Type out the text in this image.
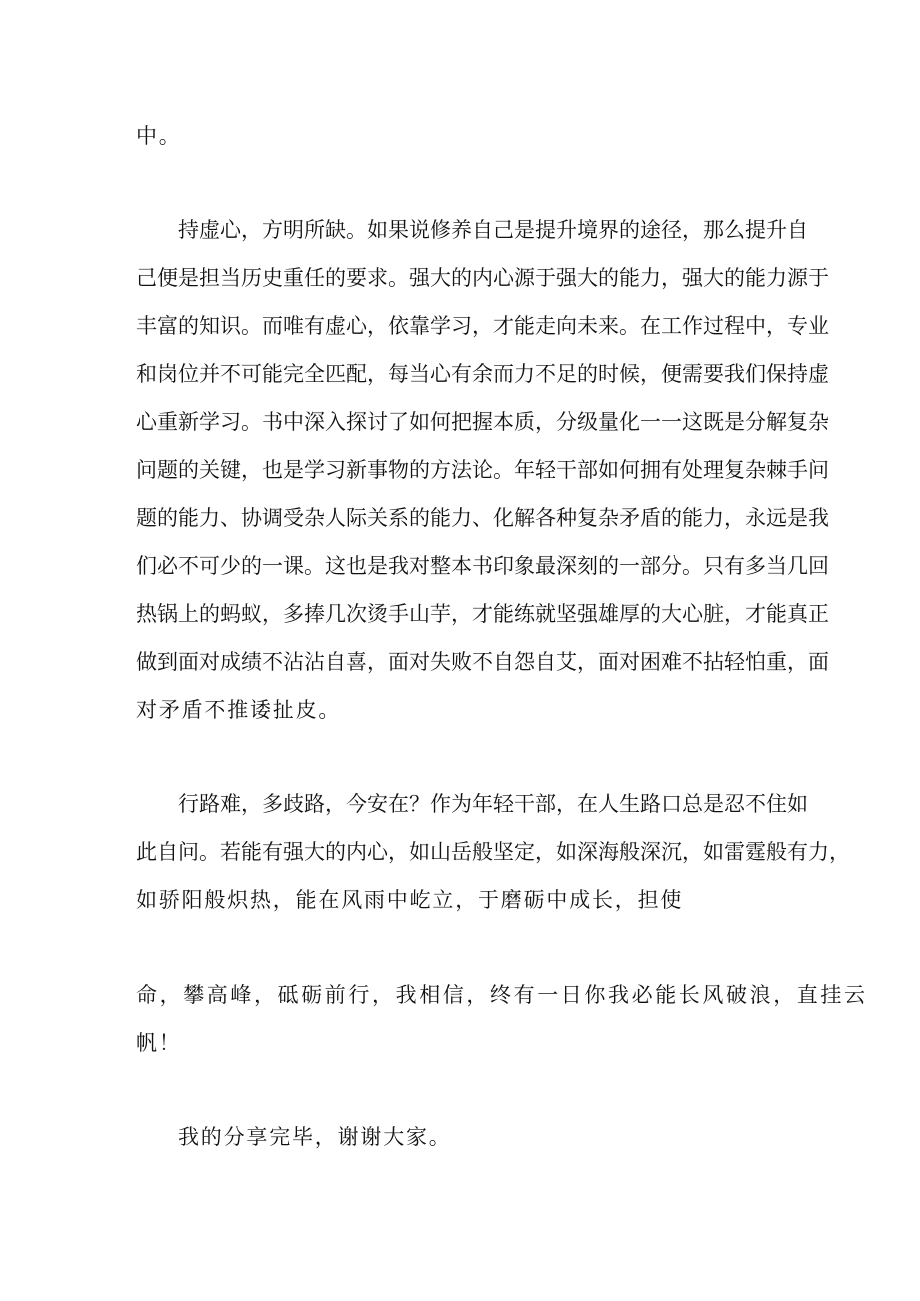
中。
持虚心，方明所缺。如果说修养自己是提升境界的途径，那么提升自
己便是担当历史重任的要求。强大的内心源于强大的能力，强大的能力源于
丰富的知识。而唯有虚心，依靠学习，才能走向未来。在工作过程中，专业
和岗位并不可能完全匹配，每当心有余而力不足的时候，便需要我们保持虚
心重新学习。书中深入探讨了如何把握本质，分级量化一一这既是分解复杂
问题的关键，也是学习新事物的方法论。年轻干部如何拥有处理复杂棘手问
题的能力、协调受杂人际关系的能力、化解各种复杂矛盾的能力，永远是我
们必不可少的一课。这也是我对整本书印象最深刻的一部分。只有多当几回
热锅上的蚂蚁，多捧几次烫手山芋，才能练就坚强雄厚的大心脏，才能真正
做到面对成绩不沾沾自喜，面对失败不自怨自艾，面对困难不拈轻怕重，面
对矛盾不推诿扯皮。
行路难，多歧路，今安在？作为年轻干部，在人生路口总是忍不住如
此自问。若能有强大的内心，如山岳般坚定，如深海般深沉，如雷霆般有力，
如骄阳般炽热，能在风雨中屹立，于磨砺中成长，担使
命，攀高峰，砥砺前行，我相信，终有一日你我必能长风破浪，直挂云
帆！
我的分享完毕，谢谢大家。
